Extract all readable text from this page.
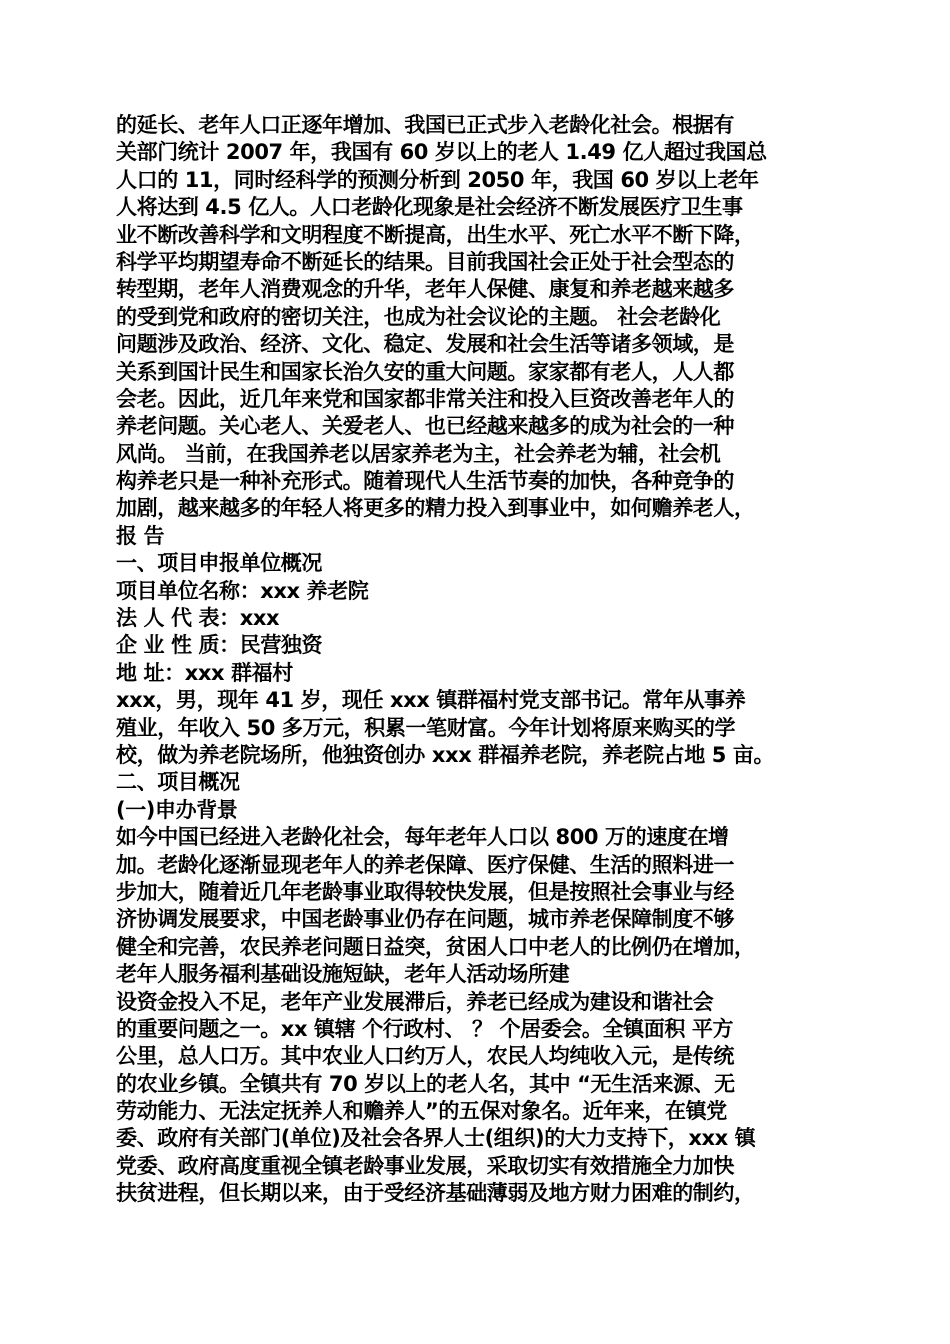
的延长、老年人口正逐年增加、我国已正式步入老龄化社会。根据有
关部门统计 2007 年，我国有 60 岁以上的老人 1.49 亿人超过我国总
人口的 11，同时经科学的预测分析到 2050 年，我国 60 岁以上老年
人将达到 4.5 亿人。人口老龄化现象是社会经济不断发展医疗卫生事
业不断改善科学和文明程度不断提高，出生水平、死亡水平不断下降，
科学平均期望寿命不断延长的结果。目前我国社会正处于社会型态的
转型期，老年人消费观念的升华，老年人保健、康复和养老越来越多
的受到党和政府的密切关注，也成为社会议论的主题。 社会老龄化
问题涉及政治、经济、文化、稳定、发展和社会生活等诸多领域，是
关系到国计民生和国家长治久安的重大问题。家家都有老人，人人都
会老。因此，近几年来党和国家都非常关注和投入巨资改善老年人的
养老问题。关心老人、关爱老人、也已经越来越多的成为社会的一种
风尚。 当前，在我国养老以居家养老为主，社会养老为辅，社会机
构养老只是一种补充形式。随着现代人生活节奏的加快，各种竞争的
加剧，越来越多的年轻人将更多的精力投入到事业中，如何赡养老人，
报 告
一、项目申报单位概况
项目单位名称：xxx 养老院
法 人 代 表：xxx
企 业 性 质：民营独资
地 址：xxx 群福村
xxx，男，现年 41 岁，现任 xxx 镇群福村党支部书记。常年从事养
殖业，年收入 50 多万元，积累一笔财富。今年计划将原来购买的学
校，做为养老院场所，他独资创办 xxx 群福养老院，养老院占地 5 亩。
二、项目概况
(一)申办背景
如今中国已经进入老龄化社会，每年老年人口以 800 万的速度在增
加。老龄化逐渐显现老年人的养老保障、医疗保健、生活的照料进一
步加大，随着近几年老龄事业取得较快发展，但是按照社会事业与经
济协调发展要求，中国老龄事业仍存在问题，城市养老保障制度不够
健全和完善，农民养老问题日益突，贫困人口中老人的比例仍在增加，
老年人服务福利基础设施短缺，老年人活动场所建
设资金投入不足，老年产业发展滞后，养老已经成为建设和谐社会
的重要问题之一。xx 镇辖 个行政村、 ？ 个居委会。全镇面积 平方
公里，总人口万。其中农业人口约万人，农民人均纯收入元，是传统
的农业乡镇。全镇共有 70 岁以上的老人名，其中 “无生活来源、无
劳动能力、无法定抚养人和赡养人”的五保对象名。近年来，在镇党
委、政府有关部门(单位)及社会各界人士(组织)的大力支持下，xxx 镇
党委、政府高度重视全镇老龄事业发展，采取切实有效措施全力加快
扶贫进程，但长期以来，由于受经济基础薄弱及地方财力困难的制约，
